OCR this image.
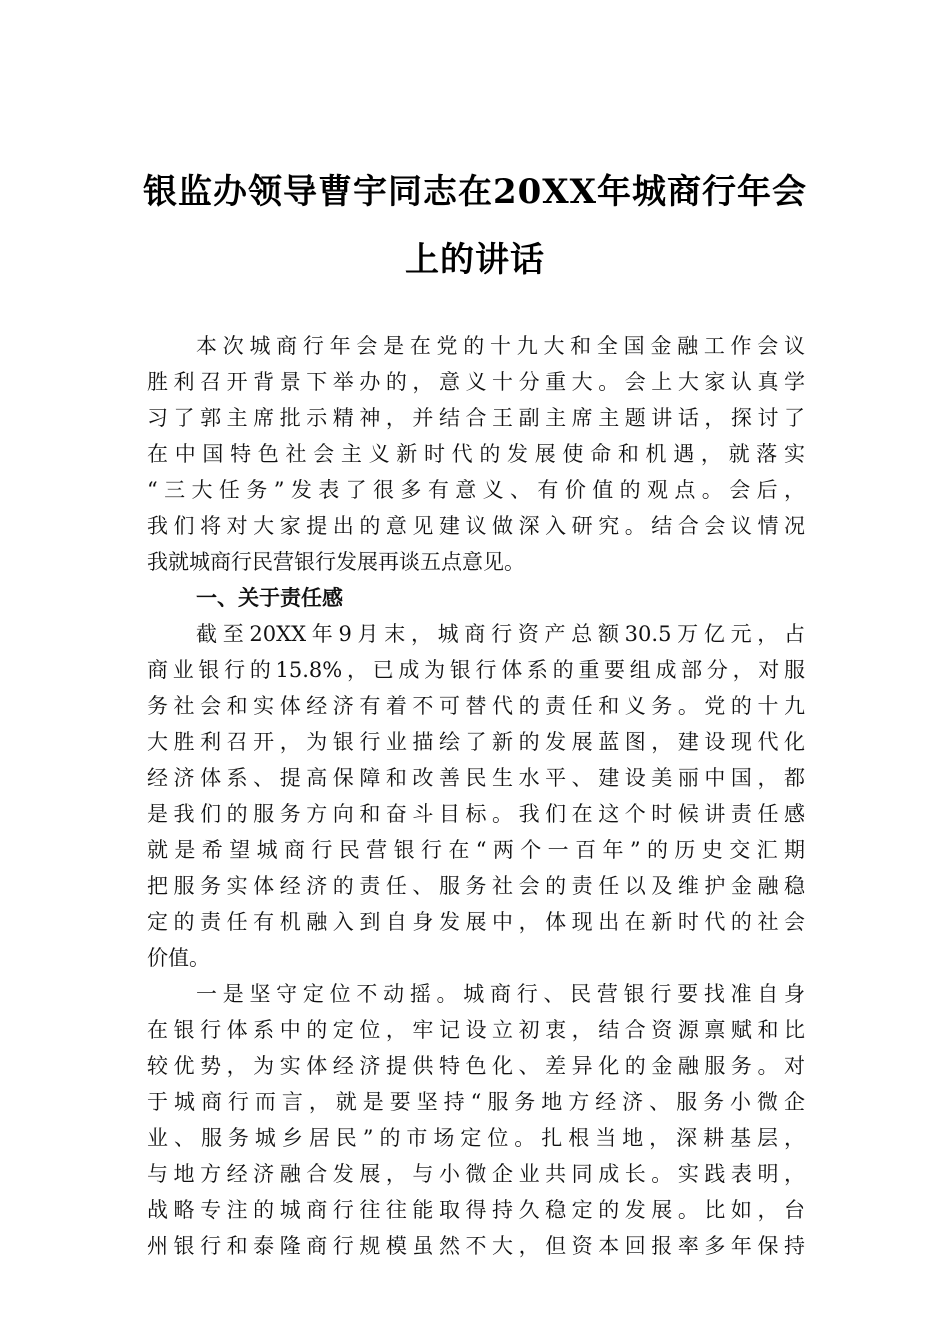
银监办领导曹宇同志在20XX年城商行年会
上的讲话
本次城商行年会是在党的十九大和全国金融工作会议
胜利召开背景下举办的，意义十分重大。会上大家认真学
习了郭主席批示精神，并结合王副主席主题讲话，探讨了
在中国特色社会主义新时代的发展使命和机遇，就落实
“三大任务”发表了很多有意义、有价值的观点。会后，
我们将对大家提出的意见建议做深入研究。结合会议情况
我就城商行民营银行发展再谈五点意见。
一、关于责任感
截至20XX年9月末，城商行资产总额30.5万亿元，占
商业银行的15.8%，已成为银行体系的重要组成部分，对服
务社会和实体经济有着不可替代的责任和义务。党的十九
大胜利召开，为银行业描绘了新的发展蓝图，建设现代化
经济体系、提高保障和改善民生水平、建设美丽中国，都
是我们的服务方向和奋斗目标。我们在这个时候讲责任感
就是希望城商行民营银行在“两个一百年”的历史交汇期
把服务实体经济的责任、服务社会的责任以及维护金融稳
定的责任有机融入到自身发展中，体现出在新时代的社会
价值。
一是坚守定位不动摇。城商行、民营银行要找准自身
在银行体系中的定位，牢记设立初衷，结合资源禀赋和比
较优势，为实体经济提供特色化、差异化的金融服务。对
于城商行而言，就是要坚持“服务地方经济、服务小微企
业、服务城乡居民”的市场定位。扎根当地，深耕基层，
与地方经济融合发展，与小微企业共同成长。实践表明，
战略专注的城商行往往能取得持久稳定的发展。比如，台
州银行和泰隆商行规模虽然不大，但资本回报率多年保持
